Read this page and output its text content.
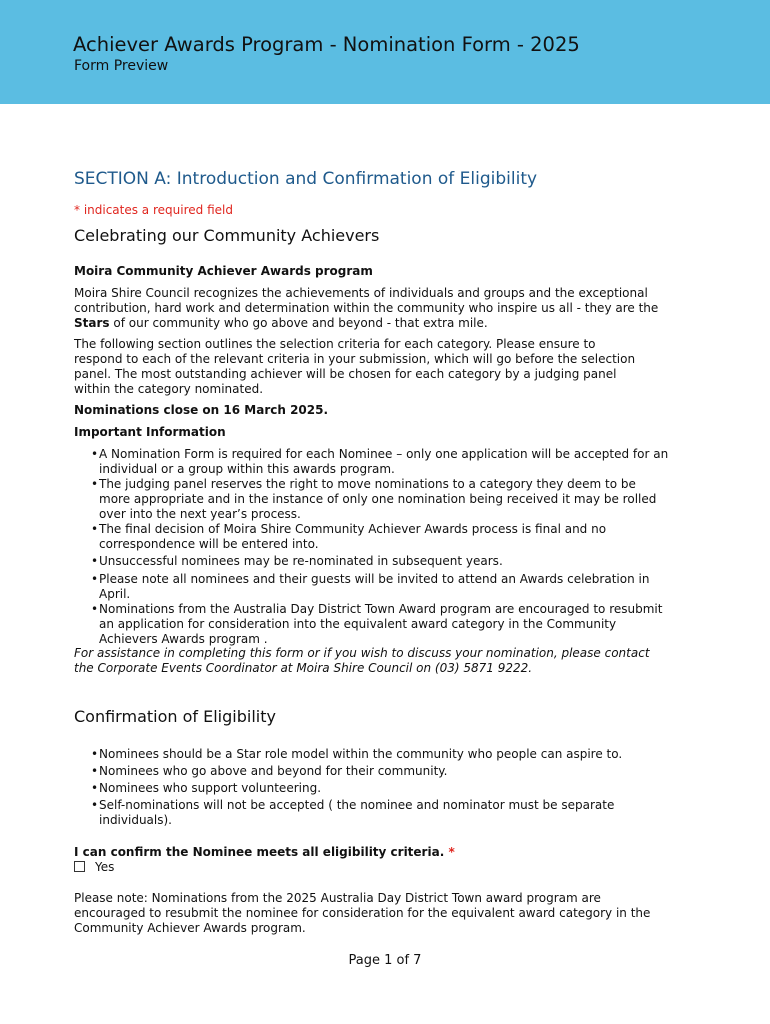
Achiever Awards Program - Nomination Form - 2025
Form Preview
SECTION A: Introduction and Confirmation of Eligibility
* indicates a required field
Celebrating our Community Achievers
Moira Community Achiever Awards program

Moira Shire Council recognizes the achievements of individuals and groups and the exceptional contribution, hard work and determination within the community who inspire us all - they are the Stars of our community who go above and beyond - that extra mile.

The following section outlines the selection criteria for each category. Please ensure to respond to each of the relevant criteria in your submission, which will go before the selection panel. The most outstanding achiever will be chosen for each category by a judging panel within the category nominated.

Nominations close on 16 March 2025.
Important Information
• A Nomination Form is required for each Nominee – only one application will be accepted for an individual or a group within this awards program.
• The judging panel reserves the right to move nominations to a category they deem to be more appropriate and in the instance of only one nomination being received it may be rolled over into the next year’s process.
• The final decision of Moira Shire Community Achiever Awards process is final and no correspondence will be entered into.
• Unsuccessful nominees may be re-nominated in subsequent years.
• Please note all nominees and their guests will be invited to attend an Awards celebration in April.
• Nominations from the Australia Day District Town Award program are encouraged to resubmit an application for consideration into the equivalent award category in the Community Achievers Awards program .

For assistance in completing this form or if you wish to discuss your nomination, please contact the Corporate Events Coordinator at Moira Shire Council on (03) 5871 9222.

Confirmation of Eligibility
• Nominees should be a Star role model within the community who people can aspire to.
• Nominees who go above and beyond for their community.
• Nominees who support volunteering.
• Self-nominations will not be accepted ( the nominee and nominator must be separate individuals).
I can confirm the Nominee meets all eligibility criteria. *
Yes

Please note: Nominations from the 2025 Australia Day District Town award program are encouraged to resubmit the nominee for consideration for the equivalent award category in the Community Achiever Awards program.

Page 1 of 7
